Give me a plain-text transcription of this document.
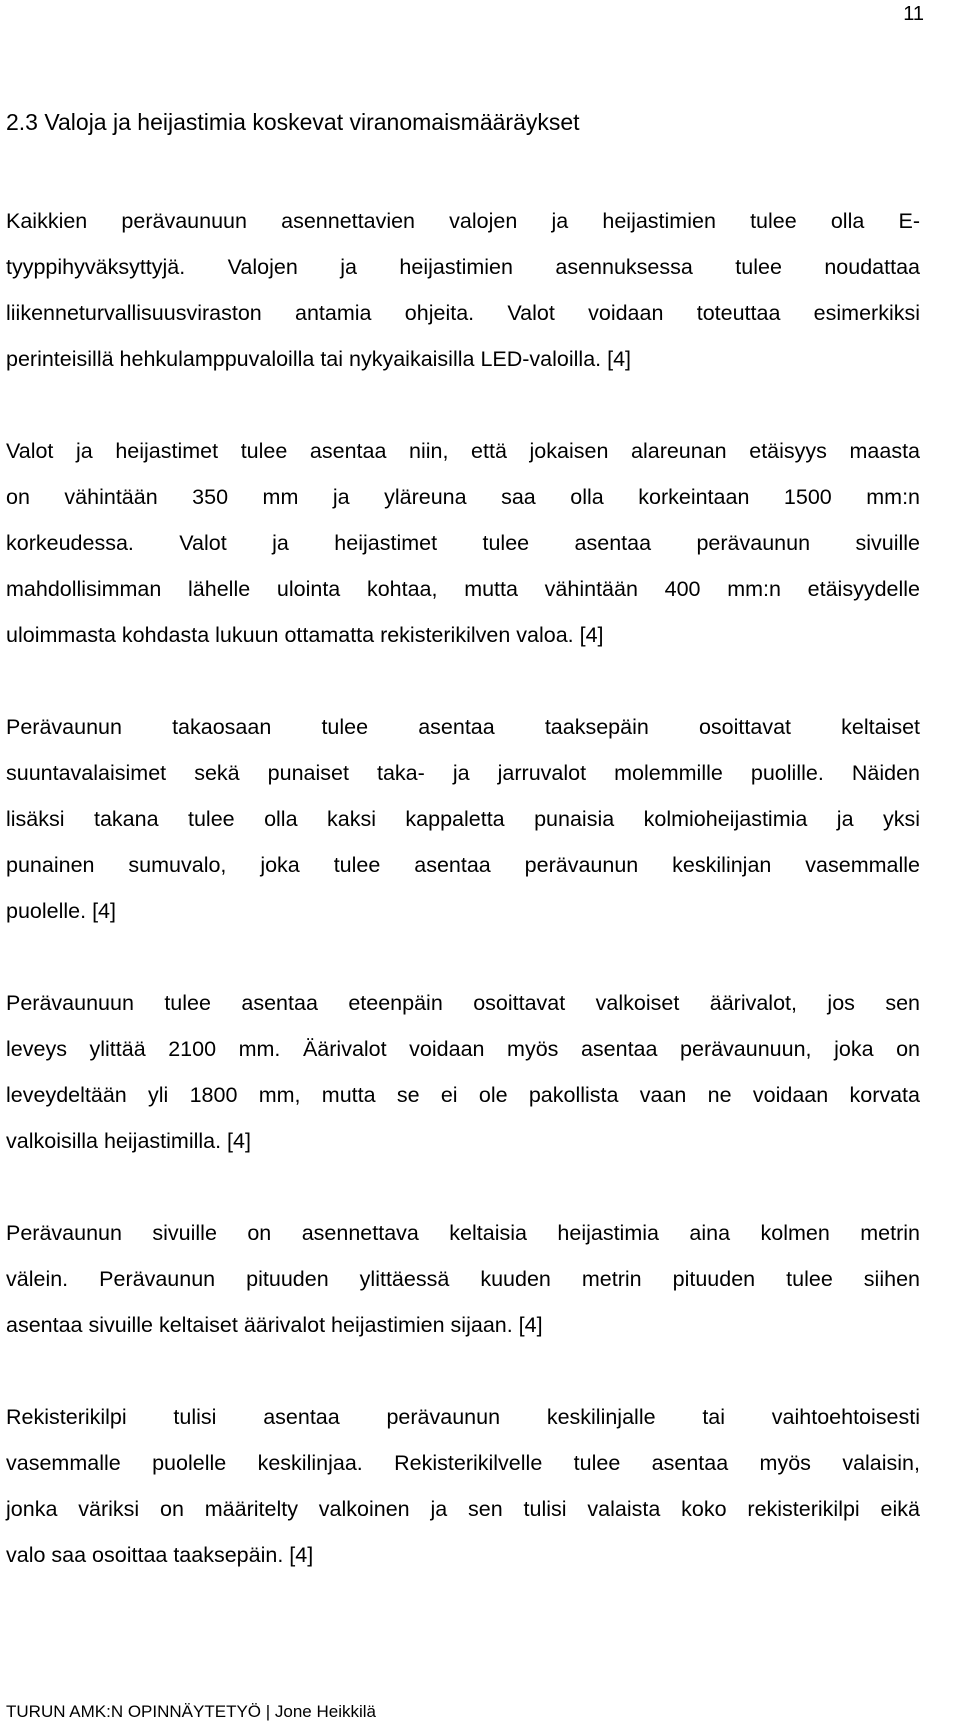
11
2.3 Valoja ja heijastimia koskevat viranomaismääräykset

Kaikkien perävaunuun asennettavien valojen ja heijastimien tulee olla E-
tyyppihyväksyttyjä. Valojen ja heijastimien asennuksessa tulee noudattaa
liikenneturvallisuusviraston antamia ohjeita. Valot voidaan toteuttaa esimerkiksi
perinteisillä hehkulamppuvaloilla tai nykyaikaisilla LED-valoilla. [4]

Valot ja heijastimet tulee asentaa niin, että jokaisen alareunan etäisyys maasta
on vähintään 350 mm ja yläreuna saa olla korkeintaan 1500 mm:n
korkeudessa. Valot ja heijastimet tulee asentaa perävaunun sivuille
mahdollisimman lähelle ulointa kohtaa, mutta vähintään 400 mm:n etäisyydelle
uloimmasta kohdasta lukuun ottamatta rekisterikilven valoa. [4]

Perävaunun takaosaan tulee asentaa taaksepäin osoittavat keltaiset
suuntavalaisimet sekä punaiset taka- ja jarruvalot molemmille puolille. Näiden
lisäksi takana tulee olla kaksi kappaletta punaisia kolmioheijastimia ja yksi
punainen sumuvalo, joka tulee asentaa perävaunun keskilinjan vasemmalle
puolelle. [4]

Perävaunuun tulee asentaa eteenpäin osoittavat valkoiset äärivalot, jos sen
leveys ylittää 2100 mm. Äärivalot voidaan myös asentaa perävaunuun, joka on
leveydeltään yli 1800 mm, mutta se ei ole pakollista vaan ne voidaan korvata
valkoisilla heijastimilla. [4]

Perävaunun sivuille on asennettava keltaisia heijastimia aina kolmen metrin
välein. Perävaunun pituuden ylittäessä kuuden metrin pituuden tulee siihen
asentaa sivuille keltaiset äärivalot heijastimien sijaan. [4]

Rekisterikilpi tulisi asentaa perävaunun keskilinjalle tai vaihtoehtoisesti
vasemmalle puolelle keskilinjaa. Rekisterikilvelle tulee asentaa myös valaisin,
jonka väriksi on määritelty valkoinen ja sen tulisi valaista koko rekisterikilpi eikä
valo saa osoittaa taaksepäin. [4]

TURUN AMK:N OPINNÄYTETYÖ | Jone Heikkilä
